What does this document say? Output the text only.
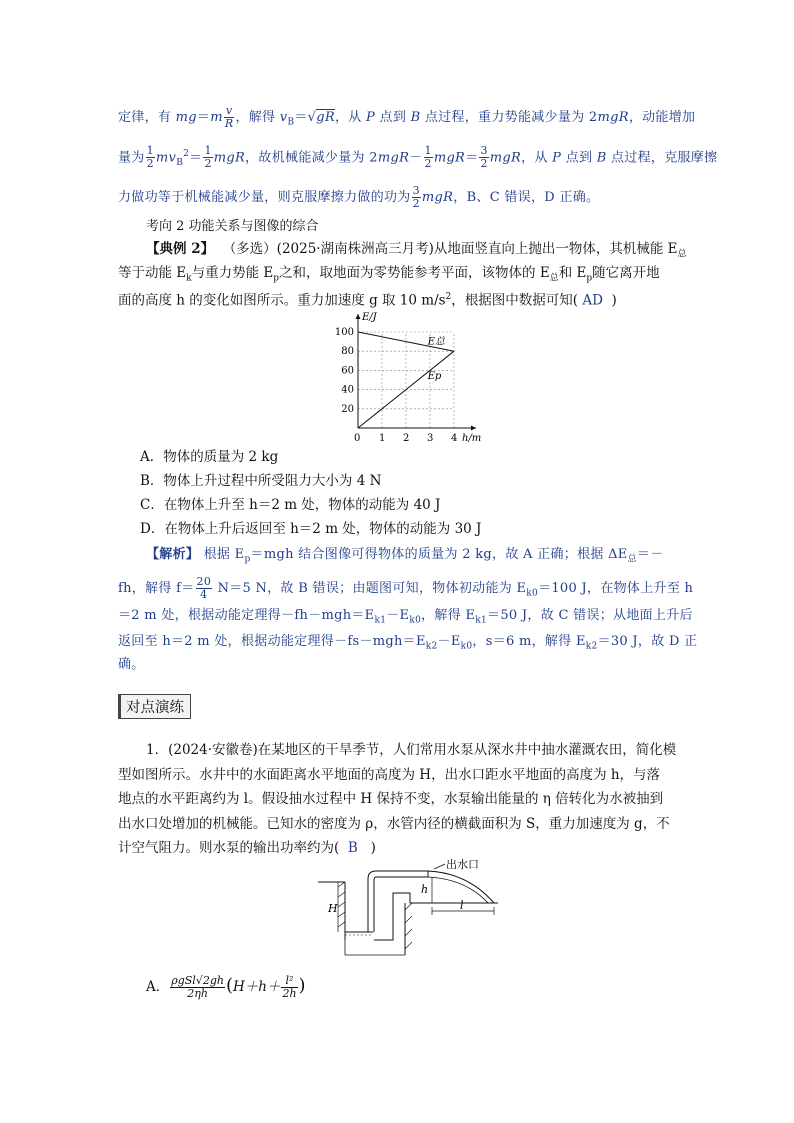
定律，有 $mg=m \frac{v}{R}$ ，解得 $v_B=√gR$，从 P 点到 B 点过程，重力势能减少量为 2mgR，动能增加
量为 $\frac{1}{2} mv_B^2= \frac{1}{2}$ mgR，故机械能减少量为 $2mgR- \frac{1}{2} mgR= \frac{3}{2}$ mgR，从 P 点到 B 点过程，克服摩擦
力做功等于机械能减少量，则克服摩擦力做的功为 $\frac{3}{2}$ mgR，B、C 错误，D 正确。
考向 2 功能关系与图像的综合
【典例 2】 （多选）(2025·湖南株洲高三月考)从地面竖直向上抛出一物体，其机械能 $E_总$
等于动能 $E_k$与重力势能 $E_p$之和，取地面为零势能参考平面，该物体的 $E_总$和 $E_p$随它离开地
面的高度 h 的变化如图所示。重力加速度 g 取 10 $m/s^2$，根据图中数据可知( AD )
0 1 2 3 4
100
80
60
40
20
E/J
h/m
E总
Ep
A．物体的质量为 2 kg
B．物体上升过程中所受阻力大小为 4 N
C．在物体上升至 h＝2 m 处，物体的动能为 40 J
D．在物体上升后返回至 h＝2 m 处，物体的动能为 30 J
【解析】 根据 $E_p=mgh$ 结合图像可得物体的质量为 2 kg，故 A 正确；根据 $\Delta E_总=-$
fh，解得 $f= \frac{20}{4} N=5$ N，故 B 错误；由题图可知，物体初动能为 $E_{k0}=100$ J，在物体上升至 h
＝2 m 处，根据动能定理得$-fh-mgh=E_{k1}-E_{k0}$，解得 $E_{k1}=50$ J，故 C 错误；从地面上升后
返回至 h＝2 m 处，根据动能定理得$-fs-mgh=E_{k2}-E_{k0}$，s＝6 m，解得 $E_{k2}=30$ J，故 D 正
确。
对点演练
1．(2024·安徽卷)在某地区的干旱季节，人们常用水泵从深水井中抽水灌溉农田，简化模
型如图所示。水井中的水面距离水平地面的高度为 H，出水口距水平地面的高度为 h，与落
地点的水平距离约为 l。假设抽水过程中 H 保持不变，水泵输出能量的 η 倍转化为水被抽到
出水口处增加的机械能。已知水的密度为 ρ，水管内径的横截面积为 S，重力加速度为 g，不
计空气阻力。则水泵的输出功率约为( B )
出水口
H
h
l
A． $\frac{\text{ρgSl√2gh}}{2\eta h} (H+h+ \frac{\text{l²}}{2h}$ )
